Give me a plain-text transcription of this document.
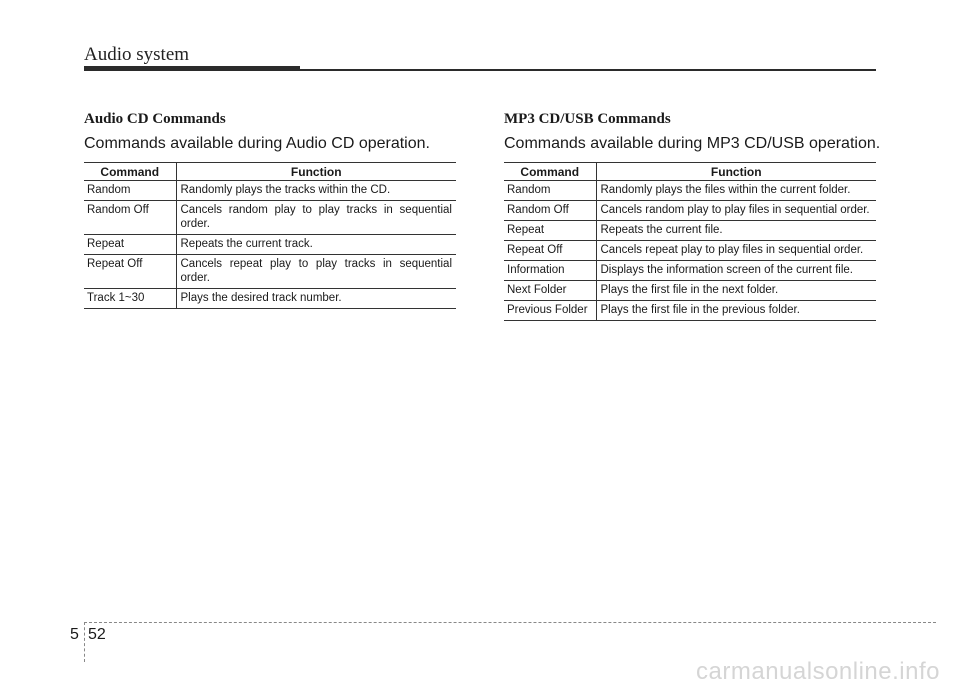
Audio system
Audio CD Commands
Commands available during Audio CD operation.
Command	Function
Random	Randomly plays the tracks within the CD.
Random Off	Cancels random play to play tracks in sequential order.
Repeat	Repeats the current track.
Repeat Off	Cancels repeat play to play tracks in sequential order.
Track 1~30	Plays the desired track number.
MP3 CD/USB Commands
Commands available during MP3 CD/USB operation.
Command	Function
Random	Randomly plays the files within the current folder.
Random Off	Cancels random play to play files in sequential order.
Repeat	Repeats the current file.
Repeat Off	Cancels repeat play to play files in sequential order.
Information	Displays the information screen of the current file.
Next Folder	Plays the first file in the next folder.
Previous Folder	Plays the first file in the previous folder.
5 52
carmanualsonline.info
